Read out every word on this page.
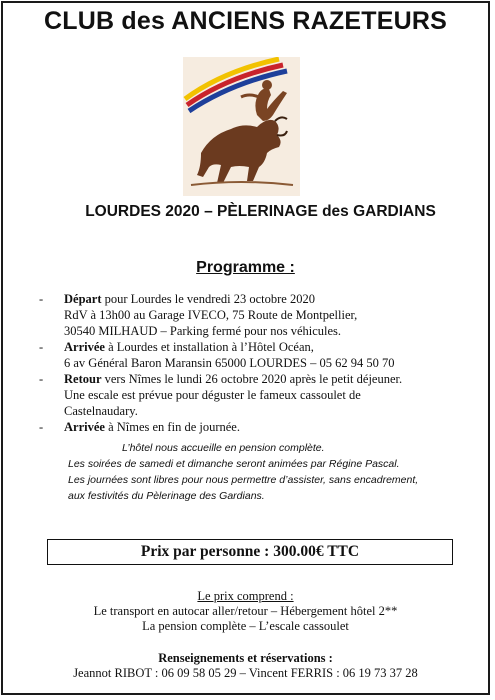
CLUB des ANCIENS RAZETEURS
LOURDES 2020 – PÈLERINAGE des GARDIANS
Programme :
- Départ pour Lourdes le vendredi 23 octobre 2020
RdV à 13h00 au Garage IVECO, 75 Route de Montpellier,
30540 MILHAUD – Parking fermé pour nos véhicules.
- Arrivée à Lourdes et installation à l’Hôtel Océan,
6 av Général Baron Maransin 65000 LOURDES – 05 62 94 50 70
- Retour vers Nîmes le lundi 26 octobre 2020 après le petit déjeuner.
Une escale est prévue pour déguster le fameux cassoulet de
Castelnaudary.
- Arrivée à Nîmes en fin de journée.

L’hôtel nous accueille en pension complète.

Les soirées de samedi et dimanche seront animées par Régine Pascal.

Les journées sont libres pour nous permettre d’assister, sans encadrement,

aux festivités du Pèlerinage des Gardians.

Prix par personne : 300.00€ TTC

Le prix comprend :

Le transport en autocar aller/retour – Hébergement hôtel 2**

La pension complète – L’escale cassoulet

Renseignements et réservations :

Jeannot RIBOT : 06 09 58 05 29 – Vincent FERRIS : 06 19 73 37 28
